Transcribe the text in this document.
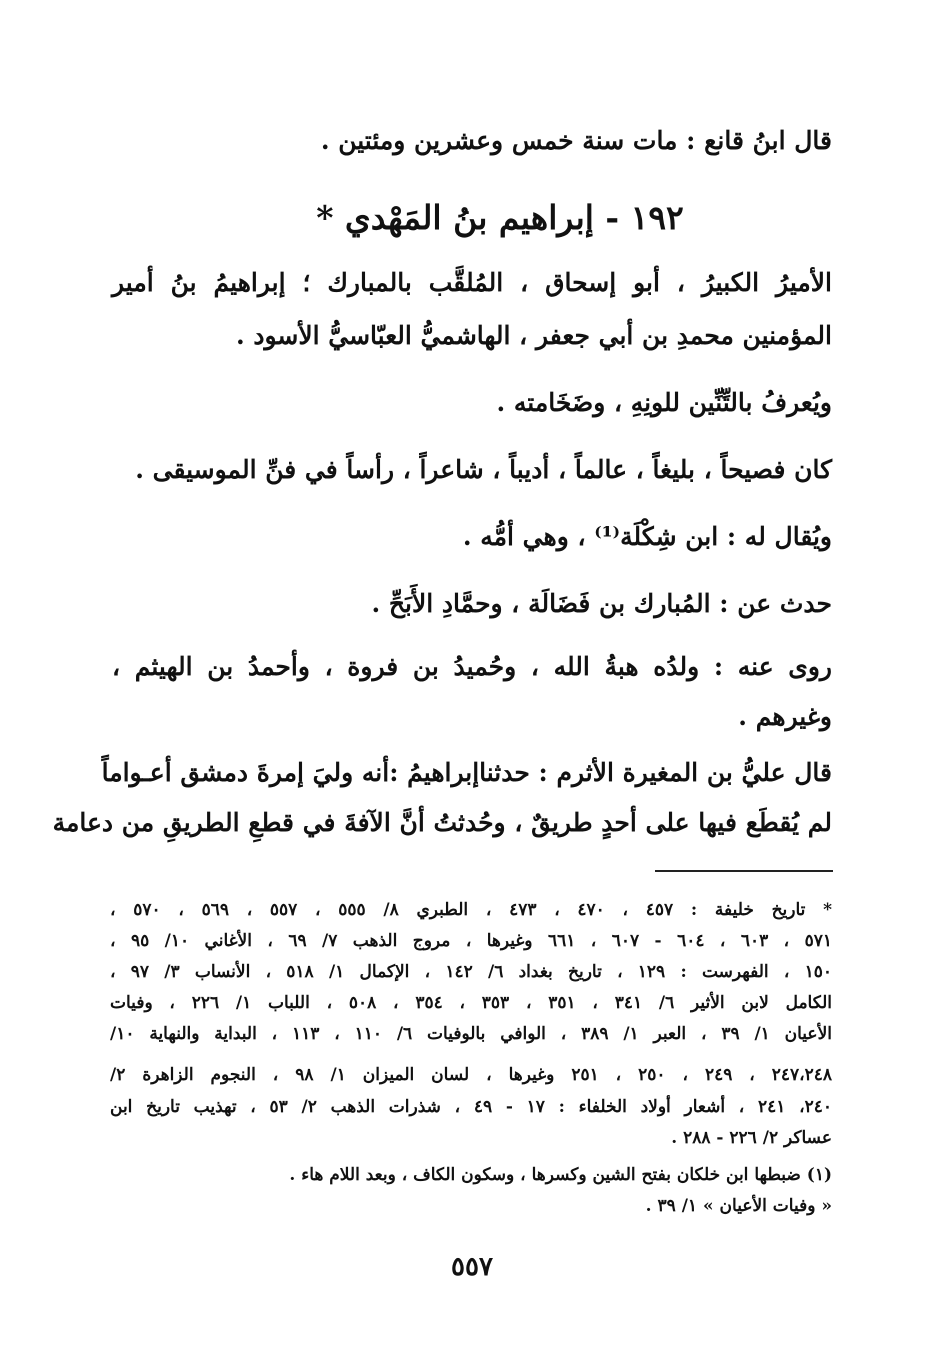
قال ابنُ قانع : مات سنة خمس وعشرين ومئتين .
١٩٢ - إبراهيم بنُ المَهْدي *
الأميرُ الكبيرُ ، أبو إسحاق ، المُلقَّب بالمبارك ؛ إبراهيمُ بنُ أمير
المؤمنين محمدِ بن أبي جعفر ، الهاشميُّ العبّاسيُّ الأسود .
ويُعرفُ بالتِّنِّين للونِهِ ، وضَخَامته .
كان فصيحاً ، بليغاً ، عالماً ، أديباً ، شاعراً ، رأساً في فنِّ الموسيقى .
ويُقال له : ابن شِكْلَة⁽¹⁾ ، وهي أمُّه .
حدث عن : المُبارك بن فَضَالَة ، وحمَّادِ الأَبَحِّ .
روى عنه : ولدُه هبةُ الله ، وحُميدُ بن فروة ، وأحمدُ بن الهيثم ،
وغيرهم .
قال عليُّ بن المغيرة الأثرم : حدثناإبراهيمُ :أنه وليَ إمرةَ دمشق أعـواماً
لم يُقطَع فيها على أحدٍ طريقٌ ، وحُدثتُ أنَّ الآفةَ في قطعِ الطريقِ من دعامة
* تاريخ خليفة : ٤٥٧ ، ٤٧٠ ، ٤٧٣ ، الطبري ٨/ ٥٥٥ ، ٥٥٧ ، ٥٦٩ ، ٥٧٠ ،
٥٧١ ، ٦٠٣ ، ٦٠٤ - ٦٠٧ ، ٦٦١ وغيرها ، مروج الذهب ٧/ ٦٩ ، الأغاني ١٠/ ٩٥ ،
١٥٠ ، الفهرست : ١٢٩ ، تاريخ بغداد ٦/ ١٤٢ ، الإكمال ١/ ٥١٨ ، الأنساب ٣/ ٩٧ ،
الكامل لابن الأثير ٦/ ٣٤١ ، ٣٥١ ، ٣٥٣ ، ٣٥٤ ، ٥٠٨ ، اللباب ١/ ٢٢٦ ، وفيات
الأعيان ١/ ٣٩ ، العبر ١/ ٣٨٩ ، الوافي بالوفيات ٦/ ١١٠ ، ١١٣ ، البداية والنهاية ١٠/
٢٤٧،٢٤٨ ، ٢٤٩ ، ٢٥٠ ، ٢٥١ وغيرها ، لسان الميزان ١/ ٩٨ ، النجوم الزاهرة ٢/
٢٤٠، ٢٤١ ، أشعار أولاد الخلفاء : ١٧ - ٤٩ ، شذرات الذهب ٢/ ٥٣ ، تهذيب تاريخ ابن
عساكر ٢/ ٢٢٦ - ٢٨٨ .
(١) ضبطها ابن خلكان بفتح الشين وكسرها ، وسكون الكاف ، وبعد اللام هاء .
« وفيات الأعيان » ١/ ٣٩ .
٥٥٧
